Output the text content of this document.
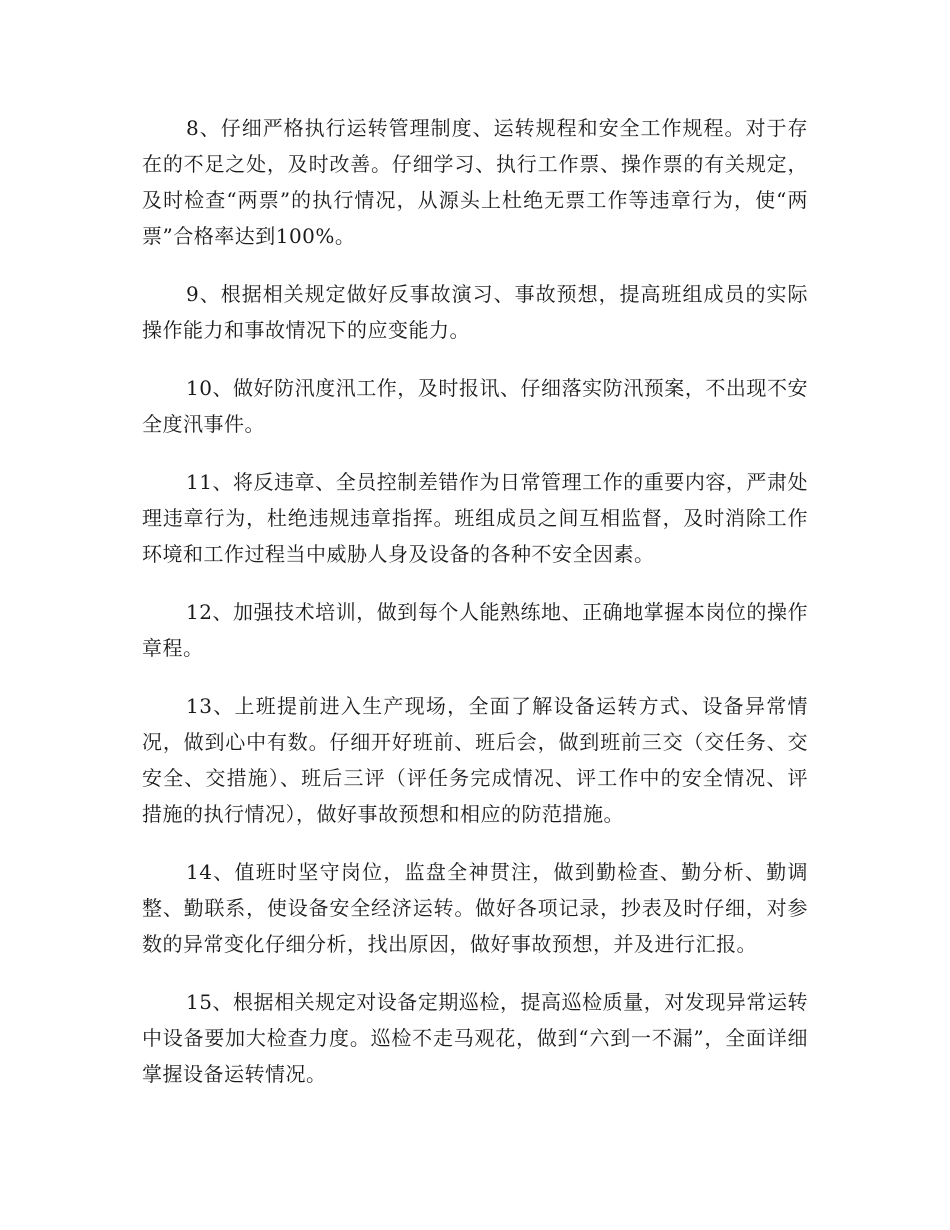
8、仔细严格执行运转管理制度、运转规程和安全工作规程。对于存在的不足之处，及时改善。仔细学习、执行工作票、操作票的有关规定，及时检查“两票”的执行情况，从源头上杜绝无票工作等违章行为，使“两票”合格率达到100%。

9、根据相关规定做好反事故演习、事故预想，提高班组成员的实际操作能力和事故情况下的应变能力。

10、做好防汛度汛工作，及时报讯、仔细落实防汛预案，不出现不安全度汛事件。

11、将反违章、全员控制差错作为日常管理工作的重要内容，严肃处理违章行为，杜绝违规违章指挥。班组成员之间互相监督，及时消除工作环境和工作过程当中威胁人身及设备的各种不安全因素。

12、加强技术培训，做到每个人能熟练地、正确地掌握本岗位的操作章程。

13、上班提前进入生产现场，全面了解设备运转方式、设备异常情况，做到心中有数。仔细开好班前、班后会，做到班前三交（交任务、交安全、交措施）、班后三评（评任务完成情况、评工作中的安全情况、评措施的执行情况），做好事故预想和相应的防范措施。

14、值班时坚守岗位，监盘全神贯注，做到勤检查、勤分析、勤调整、勤联系，使设备安全经济运转。做好各项记录，抄表及时仔细，对参数的异常变化仔细分析，找出原因，做好事故预想，并及进行汇报。

15、根据相关规定对设备定期巡检，提高巡检质量，对发现异常运转中设备要加大检查力度。巡检不走马观花，做到“六到一不漏”，全面详细掌握设备运转情况。
